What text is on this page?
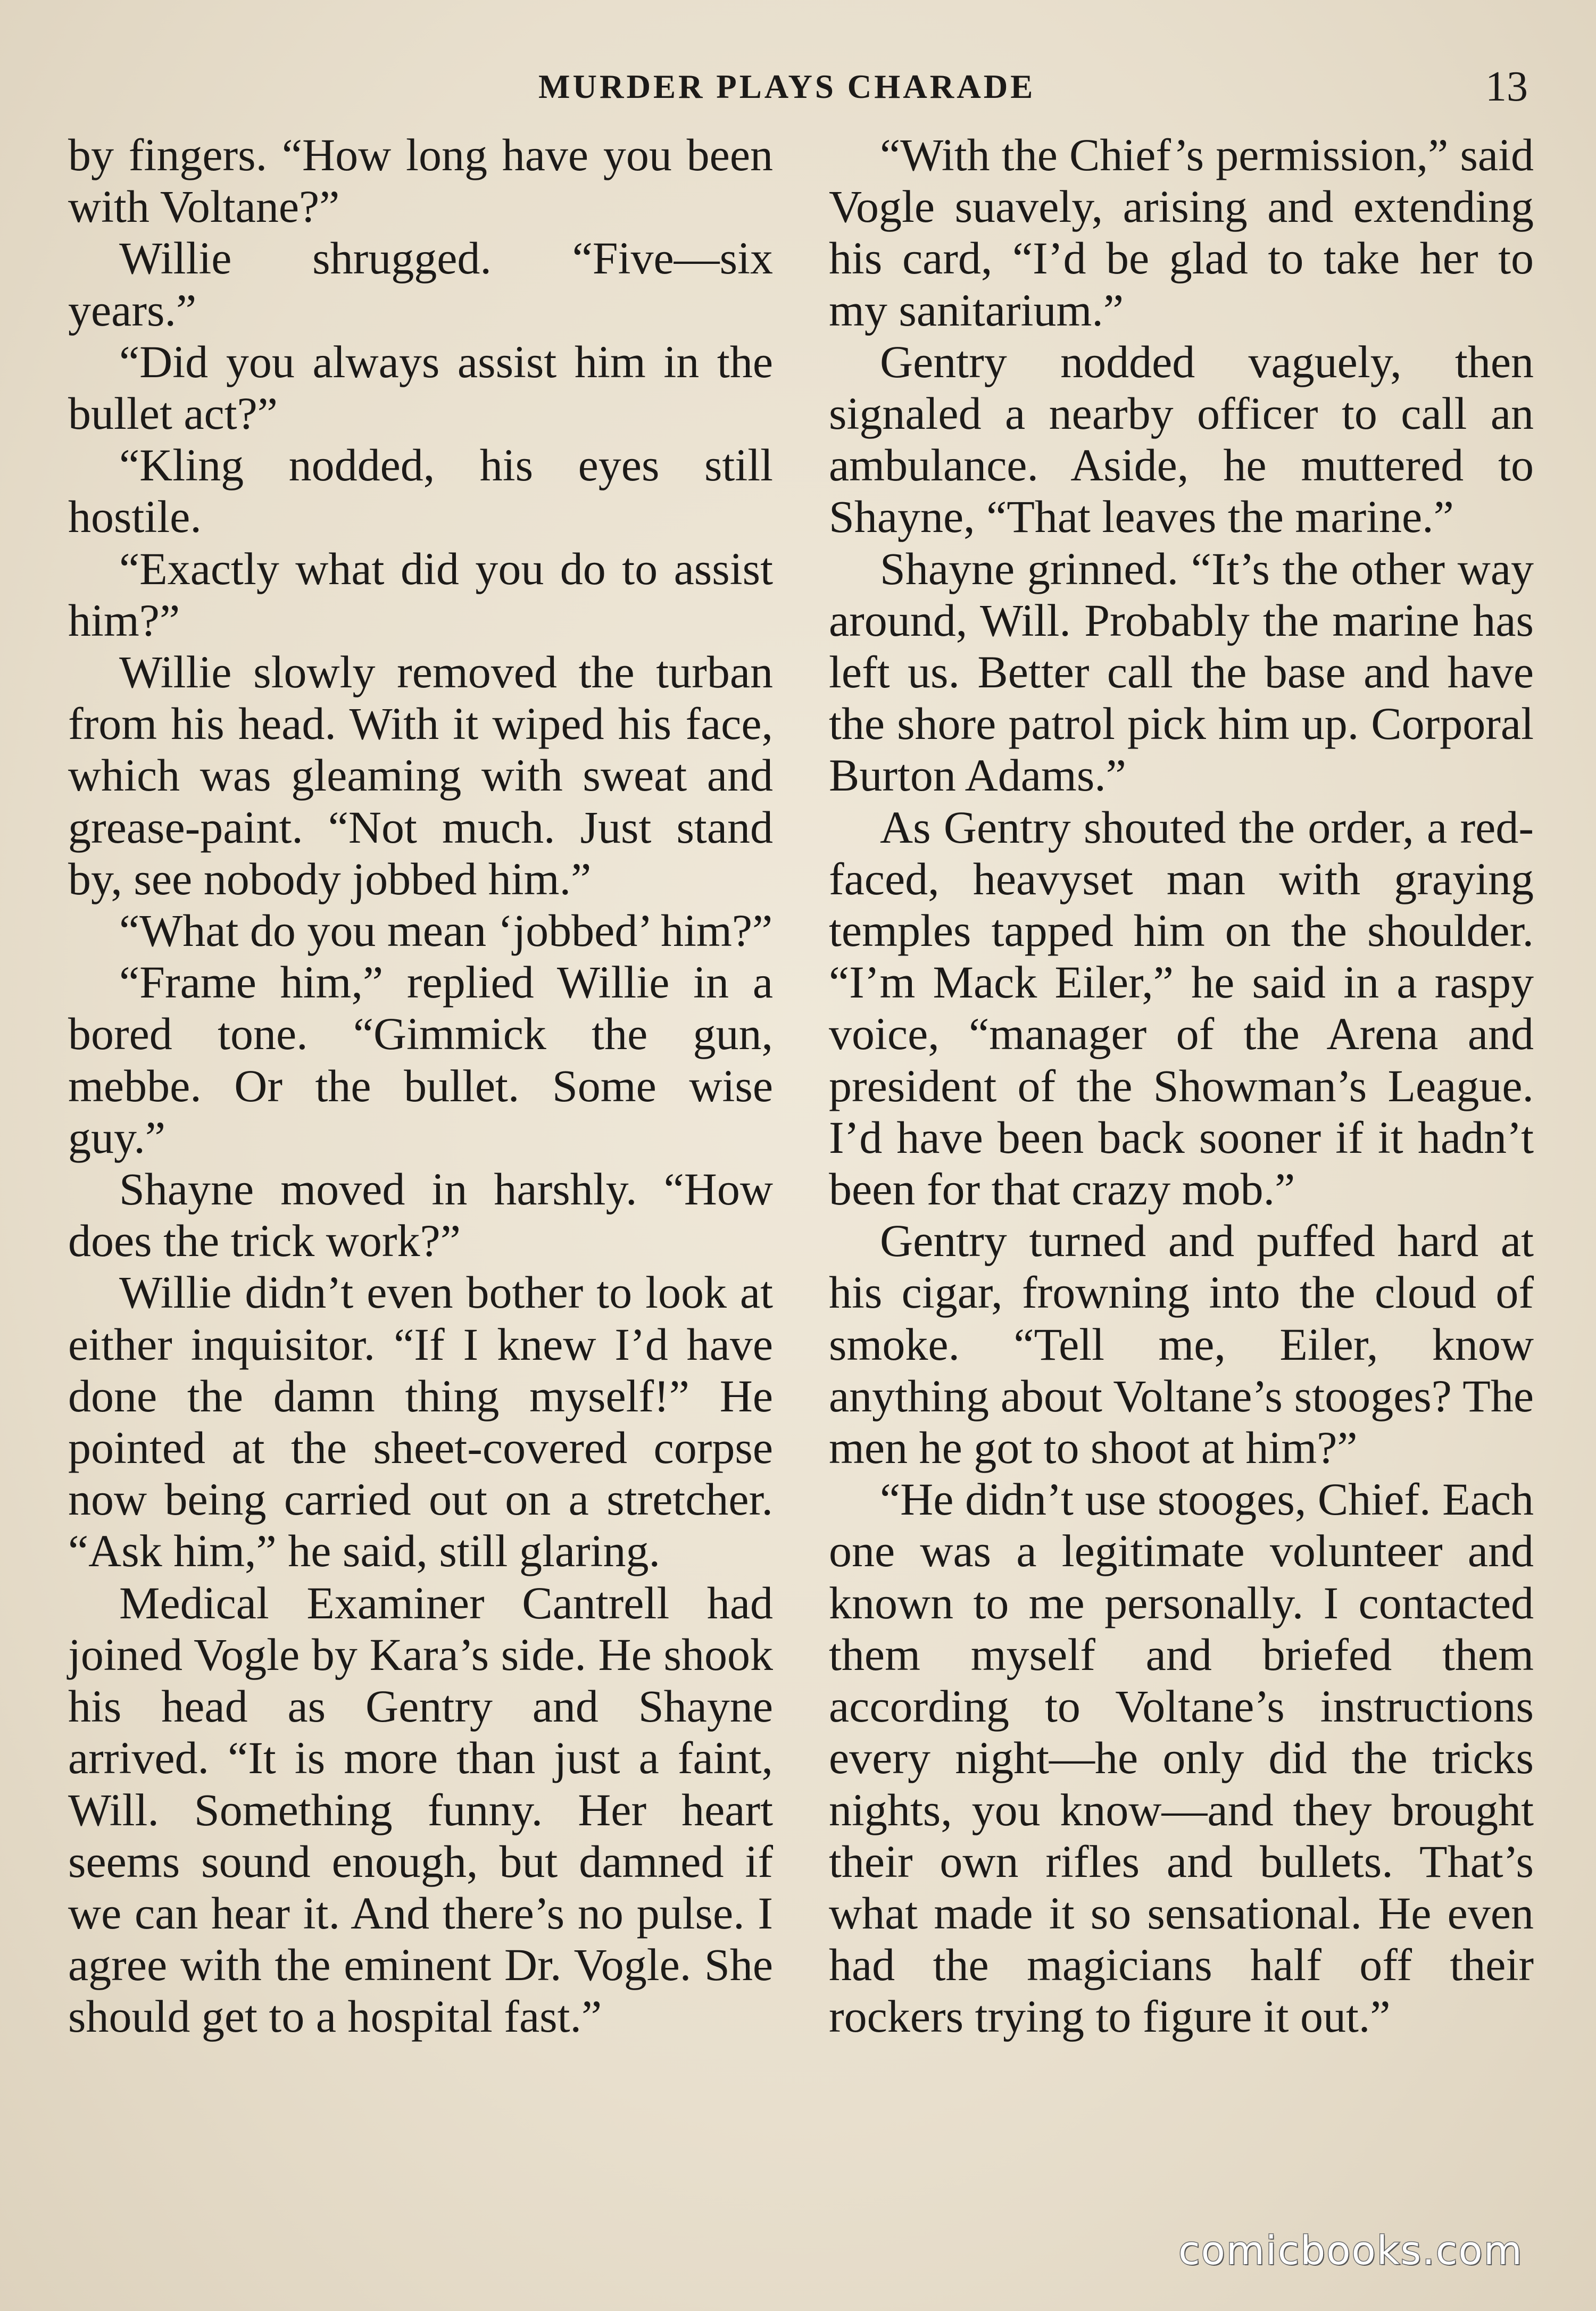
MURDER PLAYS CHARADE	13

by fingers. “How long have you been with Voltane?”

Willie shrugged. “Five—six years.”

“Did you always assist him in the bullet act?”

“Kling nodded, his eyes still hostile.

“Exactly what did you do to assist him?”

Willie slowly removed the turban from his head. With it wiped his face, which was gleaming with sweat and grease-paint. “Not much. Just stand by, see nobody jobbed him.”

“What do you mean ‘jobbed’ him?”

“Frame him,” replied Willie in a bored tone. “Gimmick the gun, mebbe. Or the bullet. Some wise guy.”

Shayne moved in harshly. “How does the trick work?”

Willie didn’t even bother to look at either inquisitor. “If I knew I’d have done the damn thing myself!” He pointed at the sheet-covered corpse now being carried out on a stretcher. “Ask him,” he said, still glaring.

Medical Examiner Cantrell had joined Vogle by Kara’s side. He shook his head as Gentry and Shayne arrived. “It is more than just a faint, Will. Something funny. Her heart seems sound enough, but damned if we can hear it. And there’s no pulse. I agree with the eminent Dr. Vogle. She should get to a hospital fast.”

“With the Chief’s permission,” said Vogle suavely, arising and extending his card, “I’d be glad to take her to my sanitarium.”

Gentry nodded vaguely, then signaled a nearby officer to call an ambulance. Aside, he muttered to Shayne, “That leaves the marine.”

Shayne grinned. “It’s the other way around, Will. Probably the marine has left us. Better call the base and have the shore patrol pick him up. Corporal Burton Adams.”

As Gentry shouted the order, a red-faced, heavyset man with graying temples tapped him on the shoulder. “I’m Mack Eiler,” he said in a raspy voice, “manager of the Arena and president of the Showman’s League. I’d have been back sooner if it hadn’t been for that crazy mob.”

Gentry turned and puffed hard at his cigar, frowning into the cloud of smoke. “Tell me, Eiler, know anything about Voltane’s stooges? The men he got to shoot at him?”

“He didn’t use stooges, Chief. Each one was a legitimate volunteer and known to me personally. I contacted them myself and briefed them according to Voltane’s instructions every night—he only did the tricks nights, you know—and they brought their own rifles and bullets. That’s what made it so sensational. He even had the magicians half off their rockers trying to figure it out.”

comicbooks.com
